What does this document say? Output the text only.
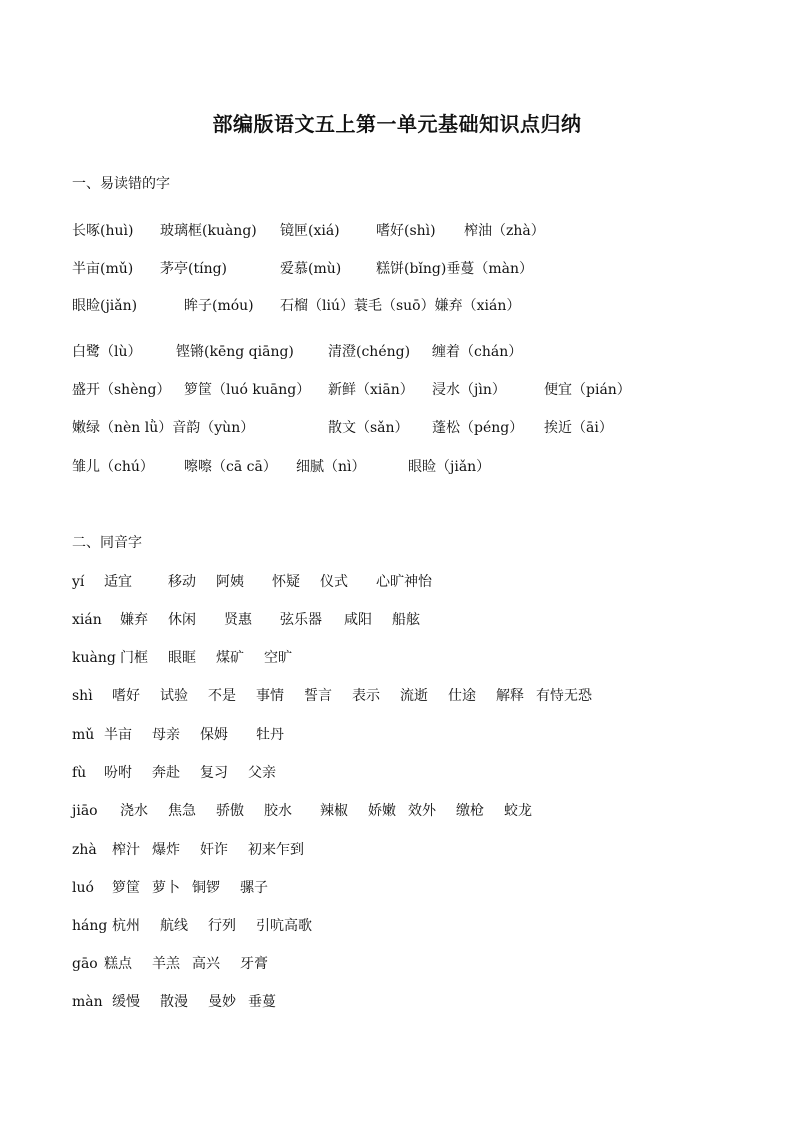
部编版语文五上第一单元基础知识点归纳
一、易读错的字
长啄(huì) 玻璃框(kuàng) 镜匣(xiá)	嗜好(shì) 榨油（zhà）
半亩(mǔ) 茅亭(tíng)	爱慕(mù) 糕饼(bǐng)垂蔓（màn）
眼睑(jiǎn)	眸子(móu) 石榴（liú）蓑毛（suō）嫌弃（xián）
白鹭（lù） 铿锵(kēng qiāng) 清澄(chéng) 缠着（chán）
盛开（shèng） 箩筐（luó kuāng） 新鲜（xiān） 浸水（jìn）	便宜（pián）
嫩绿（nèn lǜ）音韵（yùn）	散文（sǎn） 蓬松（péng） 挨近（āi）
雏儿（chú） 嚓嚓（cā cā） 细腻（nì）	眼睑（jiǎn）
二、同音字
yí 适宜	移动 阿姨 怀疑 仪式 心旷神怡
xián 嫌弃 休闲 贤惠 弦乐器 咸阳 船舷
kuàng 门框 眼眶 煤矿 空旷
shì 嗜好 试验 不是 事情 誓言 表示 流逝 仕途 解释 有恃无恐
mǔ 半亩 母亲 保姆 牡丹
fù 吩咐 奔赴 复习 父亲
jiāo 浇水 焦急 骄傲 胶水 辣椒 娇嫩 效外 缴枪 蛟龙
zhà 榨汁 爆炸 奸诈 初来乍到
luó 箩筐 萝卜 铜锣 骡子
háng 杭州 航线 行列 引吭高歌
gāo 糕点 羊羔 高兴 牙膏
màn 缓慢 散漫 曼妙 垂蔓
